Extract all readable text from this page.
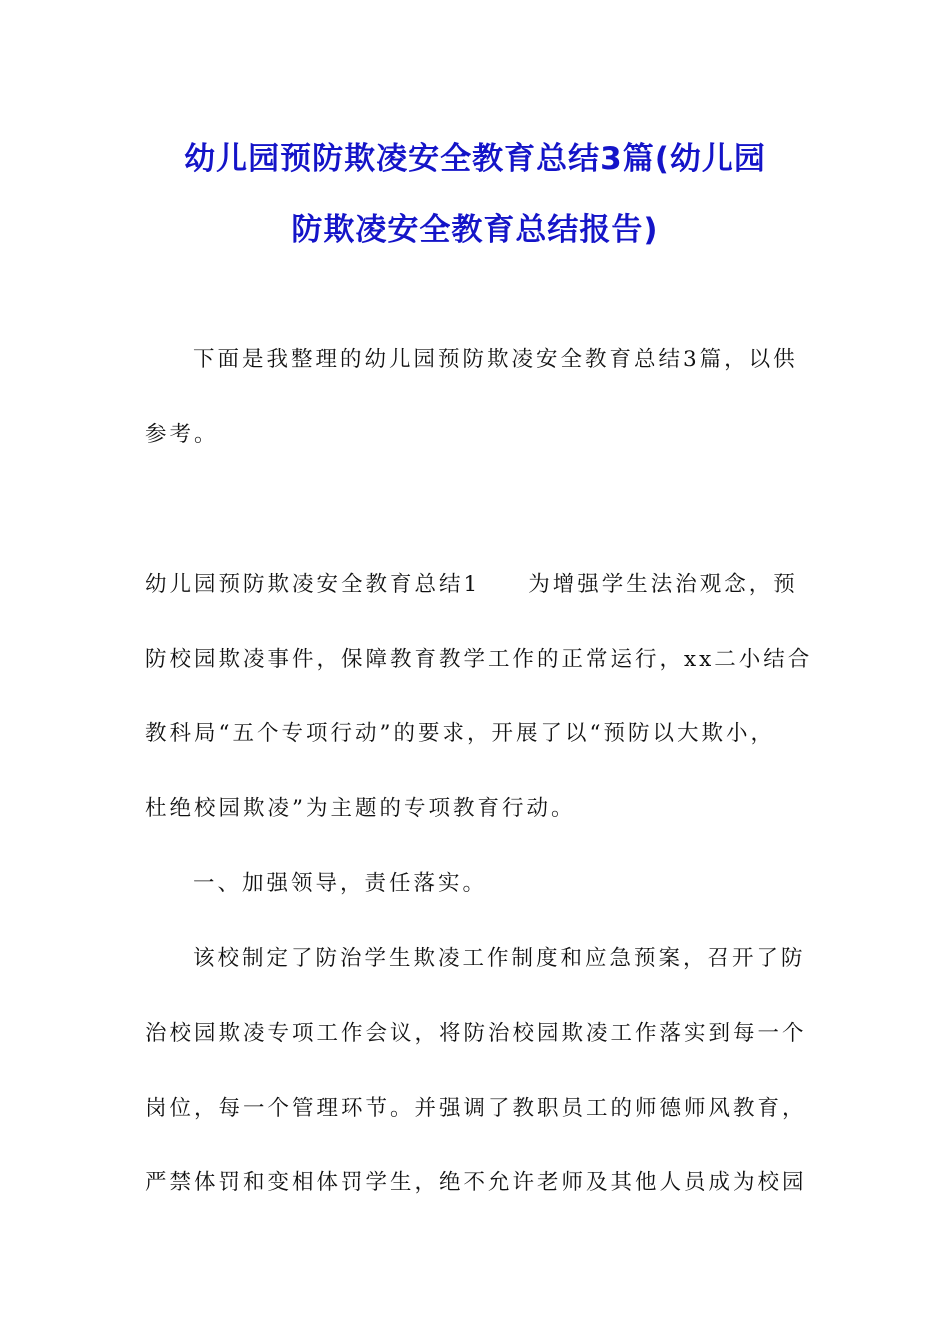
幼儿园预防欺凌安全教育总结3篇(幼儿园
防欺凌安全教育总结报告)
下面是我整理的幼儿园预防欺凌安全教育总结3篇，以供
参考。
幼儿园预防欺凌安全教育总结1 为增强学生法治观念，预
防校园欺凌事件，保障教育教学工作的正常运行，xx二小结合
教科局“五个专项行动”的要求，开展了以“预防以大欺小，
杜绝校园欺凌”为主题的专项教育行动。
一、加强领导，责任落实。
该校制定了防治学生欺凌工作制度和应急预案，召开了防
治校园欺凌专项工作会议，将防治校园欺凌工作落实到每一个
岗位，每一个管理环节。并强调了教职员工的师德师风教育，
严禁体罚和变相体罚学生，绝不允许老师及其他人员成为校园
